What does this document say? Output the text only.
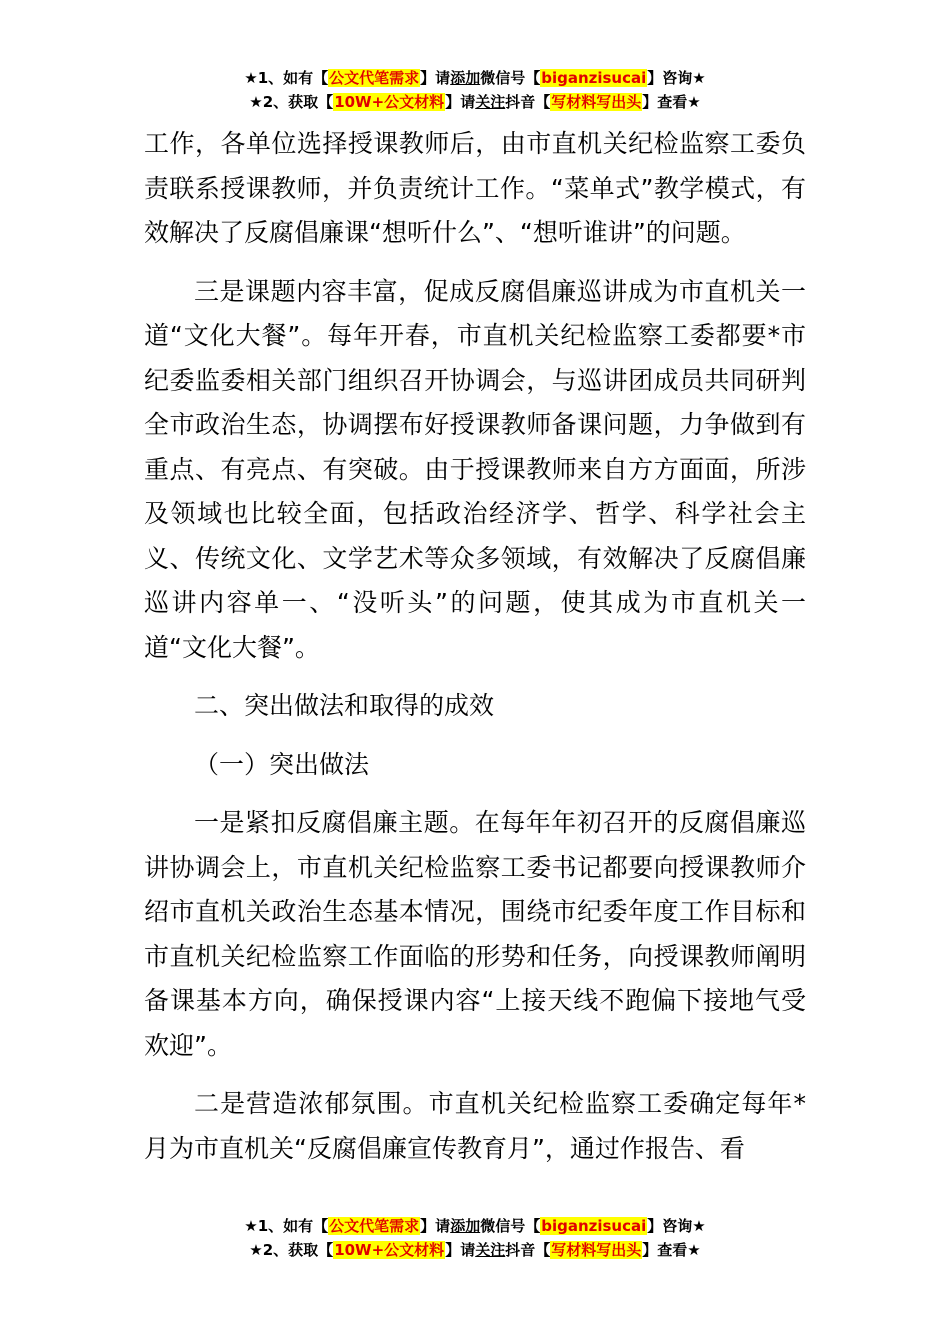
★1、如有【公文代笔需求】请添加微信号【biganzisucai】咨询★
★2、获取【10W+公文材料】请关注抖音【写材料写出头】查看★

工作，各单位选择授课教师后，由市直机关纪检监察工委负责联系授课教师，并负责统计工作。“菜单式”教学模式，有效解决了反腐倡廉课“想听什么”、“想听谁讲”的问题。

三是课题内容丰富，促成反腐倡廉巡讲成为市直机关一道“文化大餐”。每年开春，市直机关纪检监察工委都要*市纪委监委相关部门组织召开协调会，与巡讲团成员共同研判全市政治生态，协调摆布好授课教师备课问题，力争做到有重点、有亮点、有突破。由于授课教师来自方方面面，所涉及领域也比较全面，包括政治经济学、哲学、科学社会主义、传统文化、文学艺术等众多领域，有效解决了反腐倡廉巡讲内容单一、“没听头”的问题，使其成为市直机关一道“文化大餐”。

二、突出做法和取得的成效

（一）突出做法

一是紧扣反腐倡廉主题。在每年年初召开的反腐倡廉巡讲协调会上，市直机关纪检监察工委书记都要向授课教师介绍市直机关政治生态基本情况，围绕市纪委年度工作目标和市直机关纪检监察工作面临的形势和任务，向授课教师阐明备课基本方向，确保授课内容“上接天线不跑偏下接地气受欢迎”。

二是营造浓郁氛围。市直机关纪检监察工委确定每年*月为市直机关“反腐倡廉宣传教育月”，通过作报告、看

★1、如有【公文代笔需求】请添加微信号【biganzisucai】咨询★
★2、获取【10W+公文材料】请关注抖音【写材料写出头】查看★
